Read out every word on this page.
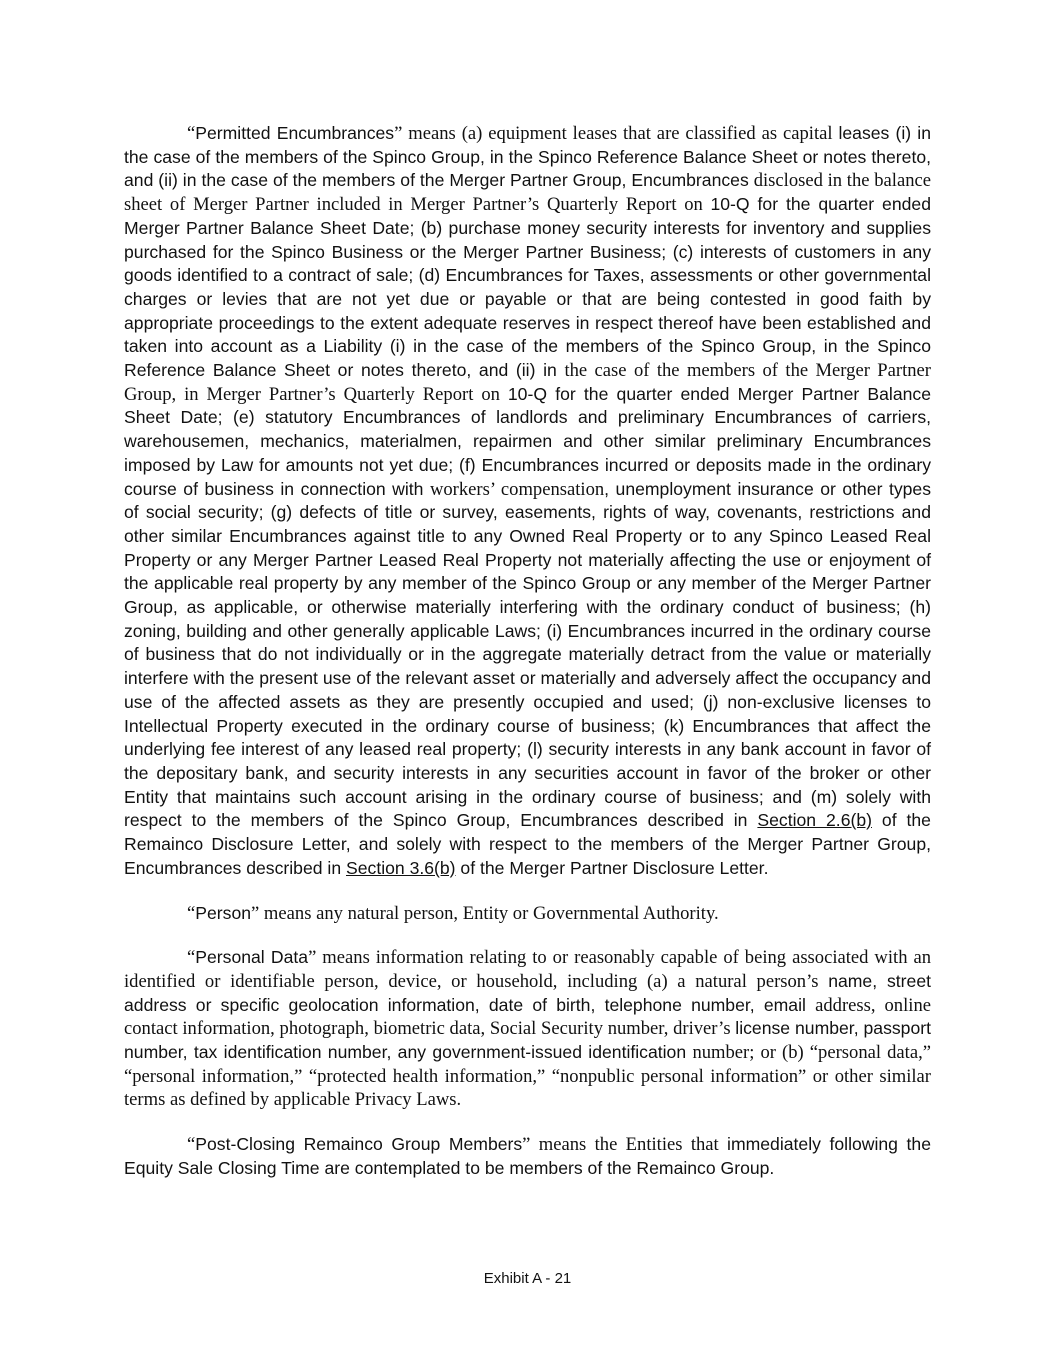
“Permitted Encumbrances” means (a) equipment leases that are classified as capital leases (i) in the case of the members of the Spinco Group, in the Spinco Reference Balance Sheet or notes thereto, and (ii) in the case of the members of the Merger Partner Group, Encumbrances disclosed in the balance sheet of Merger Partner included in Merger Partner’s Quarterly Report on 10-Q for the quarter ended Merger Partner Balance Sheet Date; (b) purchase money security interests for inventory and supplies purchased for the Spinco Business or the Merger Partner Business; (c) interests of customers in any goods identified to a contract of sale; (d) Encumbrances for Taxes, assessments or other governmental charges or levies that are not yet due or payable or that are being contested in good faith by appropriate proceedings to the extent adequate reserves in respect thereof have been established and taken into account as a Liability (i) in the case of the members of the Spinco Group, in the Spinco Reference Balance Sheet or notes thereto, and (ii) in the case of the members of the Merger Partner Group, in Merger Partner’s Quarterly Report on 10-Q for the quarter ended Merger Partner Balance Sheet Date; (e) statutory Encumbrances of landlords and preliminary Encumbrances of carriers, warehousemen, mechanics, materialmen, repairmen and other similar preliminary Encumbrances imposed by Law for amounts not yet due; (f) Encumbrances incurred or deposits made in the ordinary course of business in connection with workers’ compensation, unemployment insurance or other types of social security; (g) defects of title or survey, easements, rights of way, covenants, restrictions and other similar Encumbrances against title to any Owned Real Property or to any Spinco Leased Real Property or any Merger Partner Leased Real Property not materially affecting the use or enjoyment of the applicable real property by any member of the Spinco Group or any member of the Merger Partner Group, as applicable, or otherwise materially interfering with the ordinary conduct of business; (h) zoning, building and other generally applicable Laws; (i) Encumbrances incurred in the ordinary course of business that do not individually or in the aggregate materially detract from the value or materially interfere with the present use of the relevant asset or materially and adversely affect the occupancy and use of the affected assets as they are presently occupied and used; (j) non-exclusive licenses to Intellectual Property executed in the ordinary course of business; (k) Encumbrances that affect the underlying fee interest of any leased real property; (l) security interests in any bank account in favor of the depositary bank, and security interests in any securities account in favor of the broker or other Entity that maintains such account arising in the ordinary course of business; and (m) solely with respect to the members of the Spinco Group, Encumbrances described in Section 2.6(b) of the Remainco Disclosure Letter, and solely with respect to the members of the Merger Partner Group, Encumbrances described in Section 3.6(b) of the Merger Partner Disclosure Letter.

“Person” means any natural person, Entity or Governmental Authority.

“Personal Data” means information relating to or reasonably capable of being associated with an identified or identifiable person, device, or household, including (a) a natural person’s name, street address or specific geolocation information, date of birth, telephone number, email address, online contact information, photograph, biometric data, Social Security number, driver’s license number, passport number, tax identification number, any government-issued identification number; or (b) “personal data,” “personal information,” “protected health information,” “nonpublic personal information” or other similar terms as defined by applicable Privacy Laws.

“Post-Closing Remainco Group Members” means the Entities that immediately following the Equity Sale Closing Time are contemplated to be members of the Remainco Group.

Exhibit A - 21
